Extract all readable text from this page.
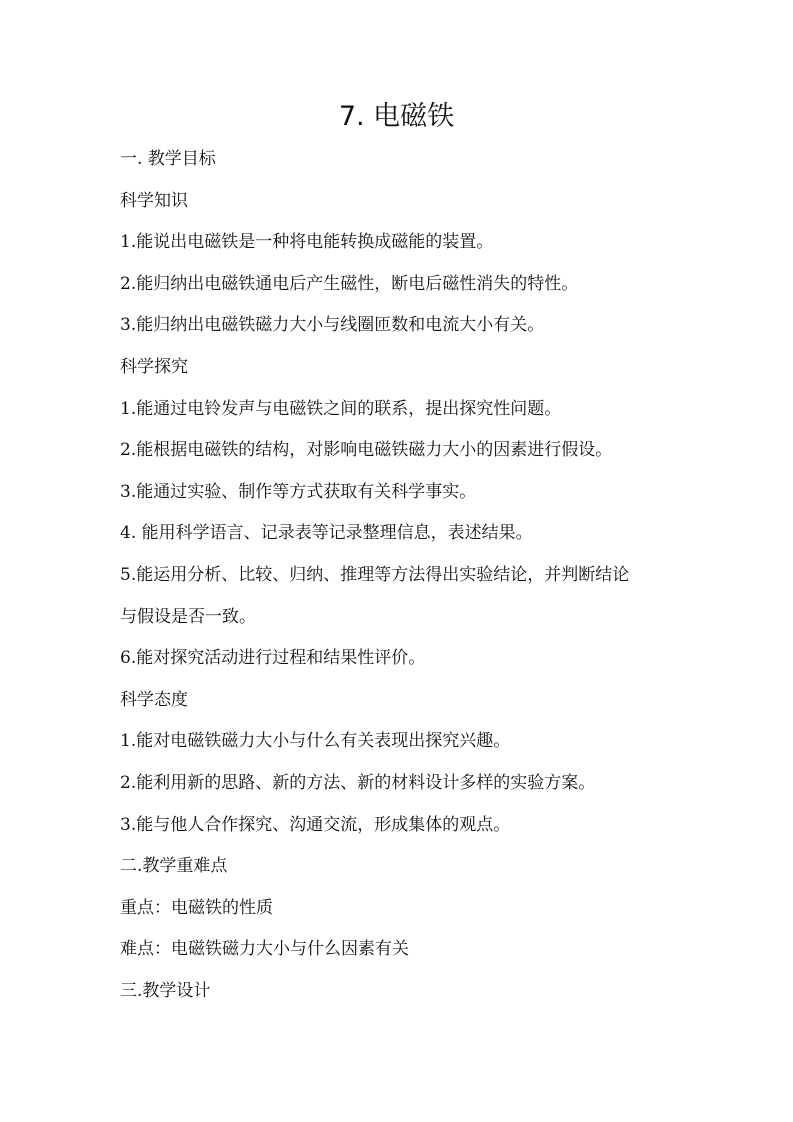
7. 电磁铁
一. 教学目标
科学知识
1.能说出电磁铁是一种将电能转换成磁能的装置。
2.能归纳出电磁铁通电后产生磁性，断电后磁性消失的特性。
3.能归纳出电磁铁磁力大小与线圈匝数和电流大小有关。
科学探究
1.能通过电铃发声与电磁铁之间的联系，提出探究性问题。
2.能根据电磁铁的结构，对影响电磁铁磁力大小的因素进行假设。
3.能通过实验、制作等方式获取有关科学事实。
4. 能用科学语言、记录表等记录整理信息，表述结果。
5.能运用分析、比较、归纳、推理等方法得出实验结论，并判断结论
与假设是否一致。
6.能对探究活动进行过程和结果性评价。
科学态度
1.能对电磁铁磁力大小与什么有关表现出探究兴趣。
2.能利用新的思路、新的方法、新的材料设计多样的实验方案。
3.能与他人合作探究、沟通交流，形成集体的观点。
二.教学重难点
重点：电磁铁的性质
难点：电磁铁磁力大小与什么因素有关
三.教学设计
